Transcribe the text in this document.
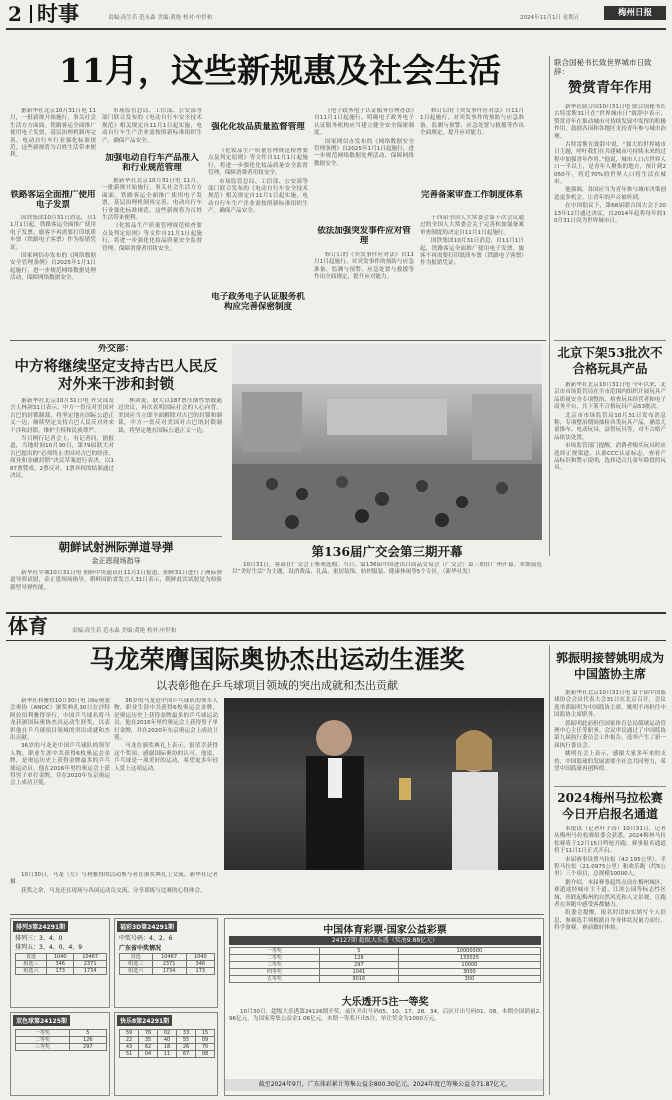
2 时事	责编:高生若 范永森 美编:黄艳 校对:申世和	2024年11月1日 星期五	梅州日报
11月，这些新规惠及社会生活

据新华社北京10月31日电 11月，一批新规开始施行，事关社会生活方方面面。铁路客运全面推广使用电子发票，基层治理机制再完善，电动自行车行业强化标准规范，这些新规将为百姓生活带来便利。

铁路客运全面推广使用电子发票

国铁集团10月31日消息，自11月1日起，铁路客运全面推广使用电子发票，旅客不再需要打印纸质车票（铁路电子客票）作为报销凭证。

国家网信办发布的《网络数据安全管理条例》自2025年1月1日起施行，进一步规范网络数据处理活动，保障网络数据安全。

市场监管总局、工信部、公安部等部门联合发布的《电动自行车安全技术规范》相关规定自11月1日起实施，电动自行车生产企业需按照新标准组织生产，确保产品安全。

加强电动自行车产品准入和行业规范管理

据新华社北京10月31日电 11月，一批新规开始施行，事关社会生活方方面面。铁路客运全面推广使用电子发票，基层治理机制再完善，电动自行车行业强化标准规范，这些新规将为百姓生活带来便利。

《化妆品生产质量管理规范检查要点及判定原则》等文件自11月1日起施行，将进一步强化化妆品质量安全监督管理，保障消费者用妆安全。

强化化妆品质量监督管理

《化妆品生产质量管理规范检查要点及判定原则》等文件自11月1日起施行，将进一步强化化妆品质量安全监督管理，保障消费者用妆安全。

市场监管总局、工信部、公安部等部门联合发布的《电动自行车安全技术规范》相关规定自11月1日起实施，电动自行车生产企业需按照新标准组织生产，确保产品安全。

电子政务电子认证服务机构应完善保密制度

《电子政务电子认证服务管理办法》自11月1日起施行，明确电子政务电子认证服务机构应当建立健全安全保密制度。

国家网信办发布的《网络数据安全管理条例》自2025年1月1日起施行，进一步规范网络数据处理活动，保障网络数据安全。

依法加强突发事件应对管理

修订后的《突发事件应对法》自11月1日起施行，对突发事件的预防与应急准备、监测与预警、应急处置与救援等作出全面规定，提升应对能力。

修订后的《突发事件应对法》自11月1日起施行，对突发事件的预防与应急准备、监测与预警、应急处置与救援等作出全面规定，提升应对能力。

完善备案审查工作制度体系

十四届全国人大常委会第十次会议通过的全国人大常委会关于完善和加强备案审查制度的决定自11月1日起施行。

国铁集团10月31日消息，自11月1日起，铁路客运全面推广使用电子发票，旅客不再需要打印纸质车票（铁路电子客票）作为报销凭证。

联合国秘书长致世界城市日致辞：
赞赏青年作用

新华社联合国10月31日电 联合国秘书长古特雷斯31日在“世界城市日”致辞中表示，赞赏青年在推动城市可持续发展中发挥的积极作用，鼓励各国和各地区支持青年参与城市治理。

古特雷斯在致辞中说，“强大的世界城市日主题，呼吁我们在共建城市可持续未来的过程中加强青年作用。”他说，城市人口占世界人口一半以上，是青年人聚集的地方，预计到2050年，将近70%的世界人口将生活在城市。

他强调，各国应当为青年参与城市决策创造更多机会，让青年的声音被听到。

在中国倡议下，第68届联合国大会于2013年12月通过决议，自2014年起将每年的10月31日设为世界城市日。

外交部：
中方将继续坚定支持古巴人民反对外来干涉和封锁

据新华社北京10月31日电 外交部发言人林剑31日表示，中方一贯反对美国对古巴的封锁制裁，将坚定地在国际公道正义一边，继续坚定支持古巴人民反对外来干涉和封锁，维护主权和民族尊严。

当日例行记者会上，有记者问，据报道，当地时间10月30日，第79届联大对古巴提出的“必须终止美国对古巴的经济、商业和金融封锁”决议草案进行表决，以187票赞成、2票反对、1票弃权的结果通过决议。

林剑说，联大以187票压倒性票数通过决议，再次表明国际社会的人心向背。美国应当立即全面解除对古巴的封锁和制裁，中方一贯反对美国对古巴的封锁制裁，将坚定地在国际公道正义一边。

朝鲜试射洲际弹道导弹
金正恩现场指导

新华社平壤10月31日电 朝鲜中央通讯社11月1日报道，朝鲜31日进行了洲际弹道导弹试射，金正恩现场指导。朝鲜国防省发言人31日表示，朝鲜此次试射是为检验新型导弹性能。

第136届广交会第三期开幕

10月31日，客商在广交会上参观选购。当日，第136届中国进出口商品交易会（广交会）第三期在广州开幕。本期展览以“美好生活”为主题，设消费品、礼品、家居装饰、纺织服装、健康休闲等5个专区。（新华社发）

北京下架53批次不合格玩具产品

据新华社北京10月31日电 今年以来，北京市市场监管局在全市范围内组织开展玩具产品质量安全专项整治，检查玩具经营者和电子商务平台，共下架不合格玩具产品53批次。

北京市市场监管局10月31日发布消息称，专项整治期间抽检各类玩具产品，涵盖儿童推车、电动玩具、益智玩具等，对不合格产品依法处置。

市场监管部门提醒，消费者购买玩具时应选择正规渠道，认准CCC认证标志，查看产品标识和警示说明，选择适合儿童年龄段的玩具。

体育	责编:高生若 范永森 美编:黄艳 校对:申世和
马龙荣膺国际奥协杰出运动生涯奖
以表彰他在乒乓球项目领域的突出成就和杰出贡献

新华社利雅得10月30日电 国际奥委会奥协（ANOC）颁奖典礼30日在沙特阿拉伯利雅得举行，中国乒乓球名将马龙获颁国际奥协杰出运动生涯奖，以表彰他在乒乓球项目领域的突出成就和杰出贡献。

36岁的马龙是中国乒乓球队的领军人物，职业生涯中共获得6枚奥运会金牌，是奥运历史上获得金牌最多的乒乓球运动员。他在2016年里约奥运会上获得男子单打金牌，并在2020年东京奥运会上成功卫冕。

36岁的马龙是中国乒乓球队的领军人物，职业生涯中共获得6枚奥运会金牌，是奥运历史上获得金牌最多的乒乓球运动员。他在2016年里约奥运会上获得男子单打金牌，并在2020年东京奥运会上成功卫冕。

马龙在颁奖典礼上表示，很荣幸获得这个奖项，感谢国际奥协的认可。他说，乒乓球是一项美好的运动，希望更多年轻人爱上这项运动。

10月30日，马龙（左）与利雅得的活动参与者在颁奖典礼上交流。新华社记者 摄

获奖之余，马龙还在现场与各国运动员交流，分享训练与比赛的心得体会。

郭振明接替姚明成为中国篮协主席

据新华社北京10月31日电 第十届中国篮球协会会员代表大会31日在北京召开，会议选举郭振明为中国篮协主席。姚明不再担任中国篮协主席职务。

郭振明此前担任国家体育总局篮球运动管理中心主任等职务。会议审议通过了中国篮协第九届执行委员会工作报告，选举产生了新一届执行委员会。

姚明在会上表示，感谢大家多年来的支持，中国篮球的发展需要全社会共同努力，希望中国篮球再创辉煌。

2024梅州马拉松赛今日开启报名通道

本报讯（记者叶子涛）10月31日，记者从梅州马拉松赛组委会获悉，2024梅州马拉松赛将于12月15日鸣枪开跑，赛事报名通道将于11月1日正式开启。

本届赛事设置马拉松（42.195公里）、半程马拉松（21.0975公里）和欢乐跑（约5公里）三个项目，总规模10000人。

据介绍，本届赛事起终点设在梅州城区，赛道途经城市主干道、江滨公园等标志性区域，串联起梅州的自然风光和人文景观，让跑者在奔跑中感受客都魅力。

组委会提醒，报名时请如实填写个人信息，参赛选手须根据自身身体状况量力而行，科学备赛，赛前做好体检。

排列3第24291期
排列三：3、4、0
排列五：3、4、0、4、9
直选	1040	10467
组选三	346	2371
组选六	173	1734
双色球第24125期
一等奖	5
二等奖	126
三等奖	297
福彩3D第24291期
中奖号码：4、2、6
广东省中奖情况
直选	10467	1040
组选三	2371	346
组选六	1734	173
快乐8第24291期
59	76	02	33	15
22	35	40	55	09
43	62	18	26	70
51	04	11	67	08
中国体育彩票·国家公益彩票
24127期 超级大乐透（奖池9.88亿元）
一等奖	5	10000000
二等奖	126	133025
三等奖	297	10000
四等奖	1041	3000
五等奖	9016	300
大乐透开5注一等奖

10月30日，超级大乐透第24126期开奖，前区开出号码05、10、17、28、34，后区开出号码01、08。本期全国销量2.96亿元，为国家筹集公益金1.06亿元。本期一等奖开出5注，单注奖金为1000万元。

截至2024年9月，广东体彩累计筹集公益金800.30亿元。2024年度已筹集公益金71.87亿元。
